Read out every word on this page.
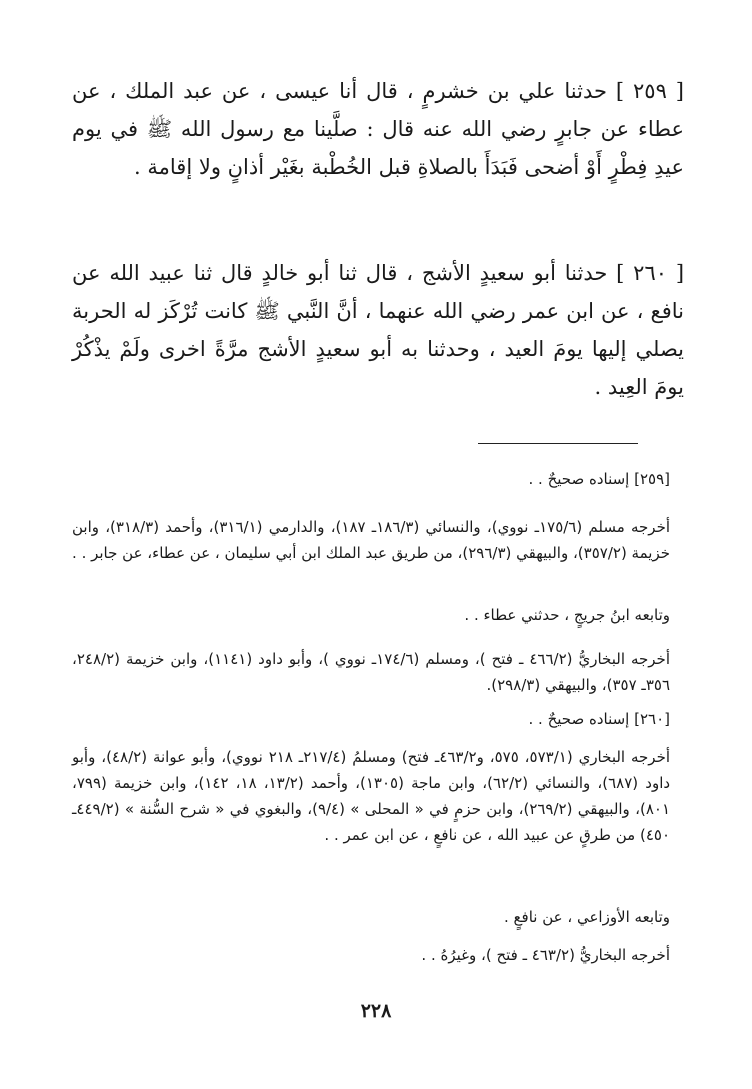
[ ٢٥٩ ] حدثنا علي بن خشرمٍ ، قال أنا عيسى ، عن عبد الملك ، عن عطاء عن جابرٍ رضي الله عنه قال : صلَّينا مع رسول الله ﷺ في يوم عيدِ فِطْرٍ أَوْ أضحى فَبَدَأَ بالصلاةِ قبل الخُطْبة بغَيْر أذانٍ ولا إقامة .

[ ٢٦٠ ] حدثنا أبو سعيدٍ الأشج ، قال ثنا أبو خالدٍ قال ثنا عبيد الله عن نافع ، عن ابن عمر رضي الله عنهما ، أنَّ النَّبي ﷺ كانت تُرْكَز له الحربة يصلي إليها يومَ العيد ، وحدثنا به أبو سعيدٍ الأشج مرَّةً اخرى ولَمْ يذْكُرْ يومَ العِيد .

[٢٥٩] إسناده صحيحٌ . .

أخرجه مسلم (١٧٥/٦ـ نووي)، والنسائي (١٨٦/٣ـ ١٨٧)، والدارمي (٣١٦/١)، وأحمد (٣١٨/٣)، وابن خزيمة (٣٥٧/٢)، والبيهقي (٢٩٦/٣)، من طريق عبد الملك ابن أبي سليمان ، عن عطاء، عن جابر . .

وتابعه ابنُ جريجٍ ، حدثني عطاء . .

أخرجه البخاريُّ (٤٦٦/٢ ـ فتح )، ومسلم (١٧٤/٦ـ نووي )، وأبو داود (١١٤١)، وابن خزيمة (٢٤٨/٢، ٣٥٦ـ ٣٥٧)، والبيهقي (٢٩٨/٣).

[٢٦٠] إسناده صحيحٌ . .

أخرجه البخاري (٥٧٣/١، ٥٧٥، و٤٦٣/٢ـ فتح) ومسلمُ (٢١٧/٤ـ ٢١٨ نووي)، وأبو عوانة (٤٨/٢)، وأبو داود (٦٨٧)، والنسائي (٦٢/٢)، وابن ماجة (١٣٠٥)، وأحمد (١٣/٢، ١٨، ١٤٢)، وابن خزيمة (٧٩٩، ٨٠١)، والبيهقي (٢٦٩/٢)، وابن حزمٍ في « المحلى » (٩/٤)، والبغوي في « شرح السُّنة » (٤٤٩/٢ـ ٤٥٠) من طرقٍ عن عبيد الله ، عن نافعٍ ، عن ابن عمر . .

وتابعه الأوزاعي ، عن نافعٍ .

أخرجه البخاريُّ (٤٦٣/٢ ـ فتح )، وغيرُهُ . .

٢٢٨
